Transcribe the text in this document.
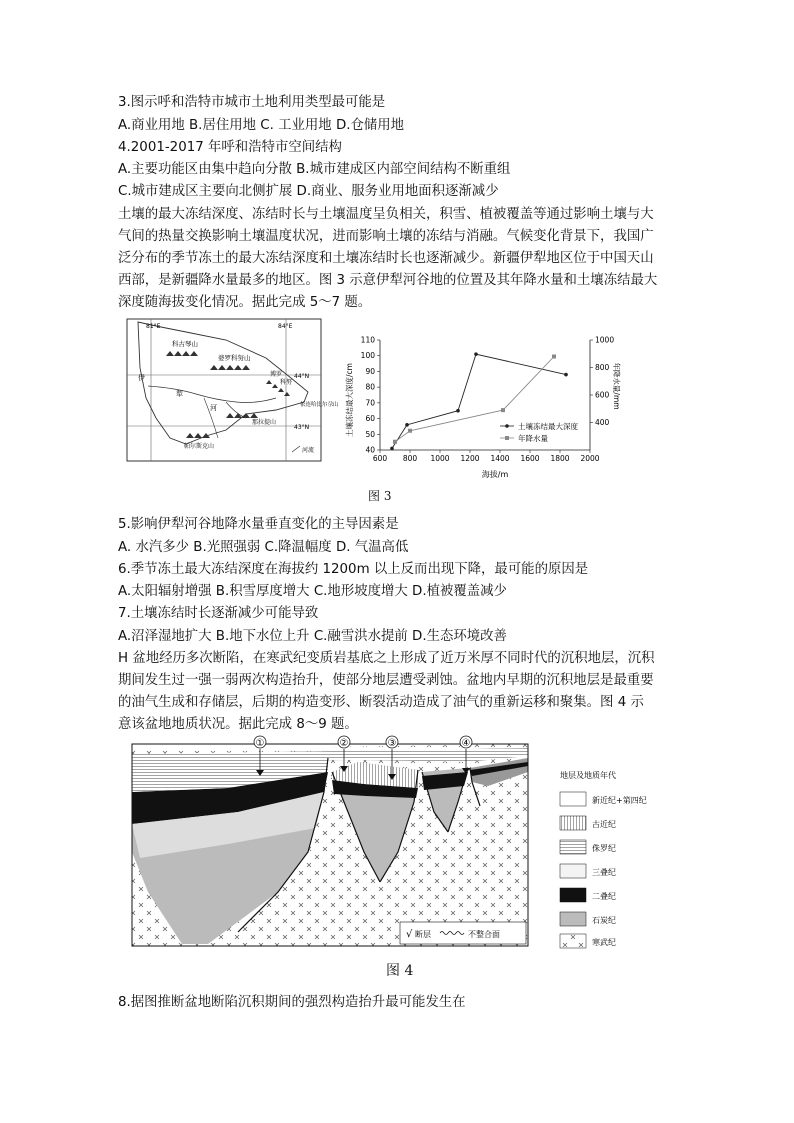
3.图示呼和浩特市城市土地利用类型最可能是
A.商业用地 B.居住用地 C. 工业用地 D.仓储用地
4.2001-2017 年呼和浩特市空间结构
A.主要功能区由集中趋向分散 B.城市建成区内部空间结构不断重组
C.城市建成区主要向北侧扩展 D.商业、服务业用地面积逐渐减少
土壤的最大冻结深度、冻结时长与土壤温度呈负相关，积雪、植被覆盖等通过影响土壤与大
气间的热量交换影响土壤温度状况，进而影响土壤的冻结与消融。气候变化背景下，我国广
泛分布的季节冻土的最大冻结深度和土壤冻结时长也逐渐减少。新疆伊犁地区位于中国天山
西部，是新疆降水量最多的地区。图 3 示意伊犁河谷地的位置及其年降水量和土壤冻结最大
深度随海拔变化情况。据此完成 5～7 题。
81°E	84°E
44°N
43°N
科古琴山
婆罗科努山
博罗
科努
依连哈比尔尕山
伊
犁
河
那拉提山
帕尔斯克山
河流
600 800 1000 1200 1400 1600 1800 2000
40
50
60
70
80
90
100
110
400
600
800
1000
海拔/m
土壤冻结最大深度/cm	年降水量/mm
土壤冻结最大深度
年降水量
图 3
5.影响伊犁河谷地降水量垂直变化的主导因素是
A. 水汽多少 B.光照强弱 C.降温幅度 D. 气温高低
6.季节冻土最大冻结深度在海拔约 1200m 以上反而出现下降，最可能的原因是
A.太阳辐射增强 B.积雪厚度增大 C.地形坡度增大 D.植被覆盖减少
7.土壤冻结时长逐渐减少可能导致
A.沼泽湿地扩大 B.地下水位上升 C.融雪洪水提前 D.生态环境改善
H 盆地经历多次断陷，在寒武纪变质岩基底之上形成了近万米厚不同时代的沉积地层，沉积
期间发生过一强一弱两次构造抬升，使部分地层遭受剥蚀。盆地内早期的沉积地层是最重要
的油气生成和存储层，后期的构造变形、断裂活动造成了油气的重新运移和聚集。图 4 示
意该盆地地质状况。据此完成 8～9 题。
①	②	③	④
√ 断层	不整合面
地层及地质年代
新近纪+第四纪
古近纪
侏罗纪
三叠纪
二叠纪
石炭纪
寒武纪
图 4
8.据图推断盆地断陷沉积期间的强烈构造抬升最可能发生在
